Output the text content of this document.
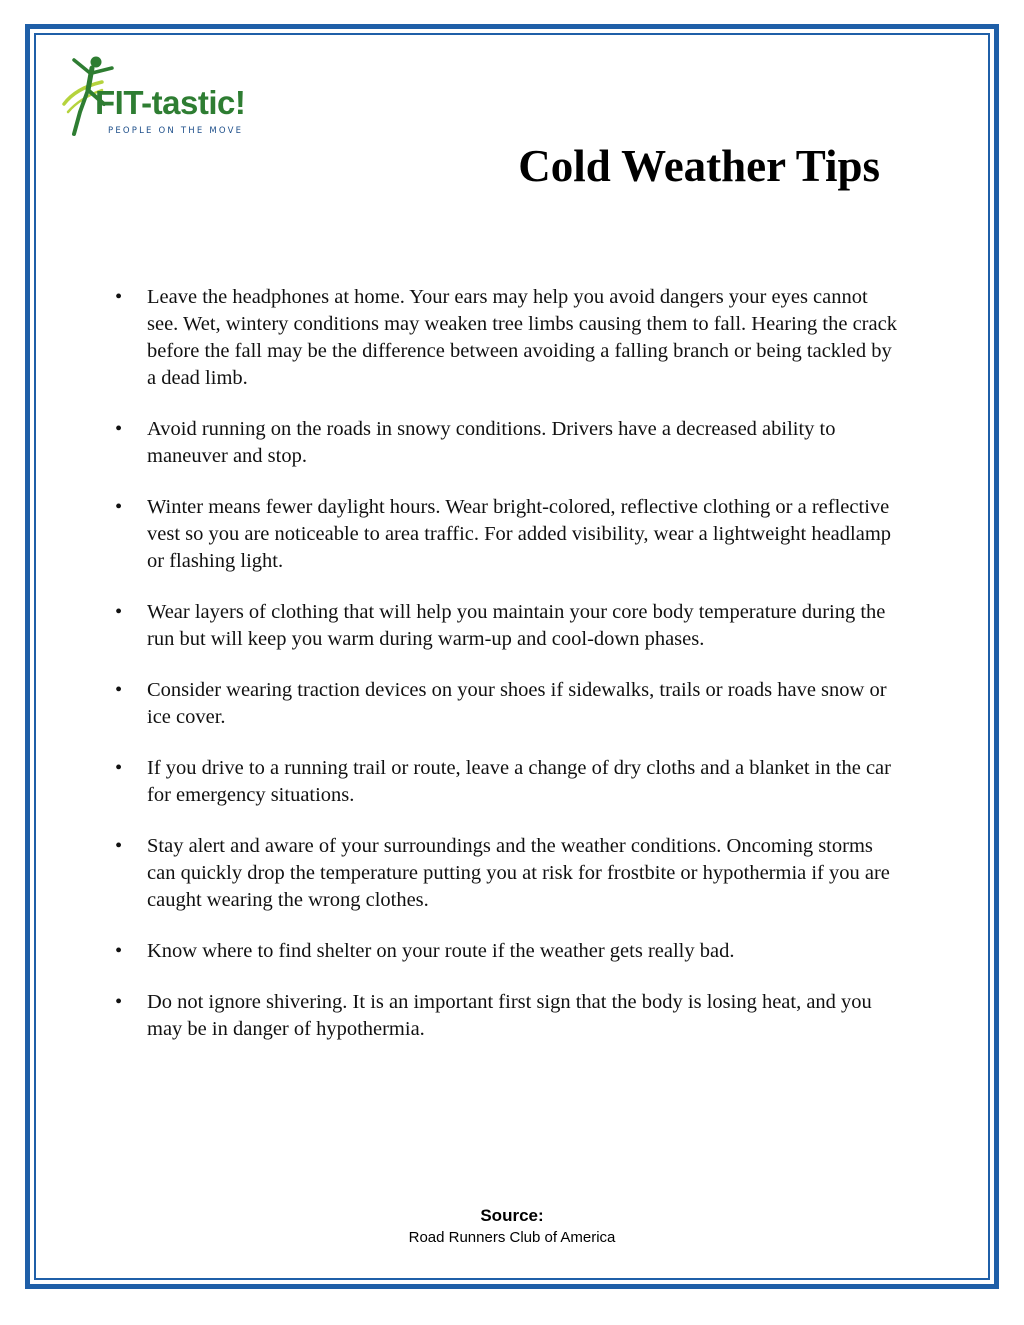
FIT-tastic!
PEOPLE ON THE MOVE
Cold Weather Tips
• Leave the headphones at home. Your ears may help you avoid dangers your eyes cannot see. Wet, wintery conditions may weaken tree limbs causing them to fall. Hearing the crack before the fall may be the difference between avoiding a falling branch or being tackled by a dead limb.
• Avoid running on the roads in snowy conditions. Drivers have a decreased ability to maneuver and stop.
• Winter means fewer daylight hours. Wear bright-colored, reflective clothing or a reflective vest so you are noticeable to area traffic. For added visibility, wear a lightweight headlamp or flashing light.
• Wear layers of clothing that will help you maintain your core body temperature during the run but will keep you warm during warm-up and cool-down phases.
• Consider wearing traction devices on your shoes if sidewalks, trails or roads have snow or ice cover.
• If you drive to a running trail or route, leave a change of dry cloths and a blanket in the car for emergency situations.
• Stay alert and aware of your surroundings and the weather conditions. Oncoming storms can quickly drop the temperature putting you at risk for frostbite or hypothermia if you are caught wearing the wrong clothes.
• Know where to find shelter on your route if the weather gets really bad.
• Do not ignore shivering. It is an important first sign that the body is losing heat, and you may be in danger of hypothermia.
Source:
Road Runners Club of America
